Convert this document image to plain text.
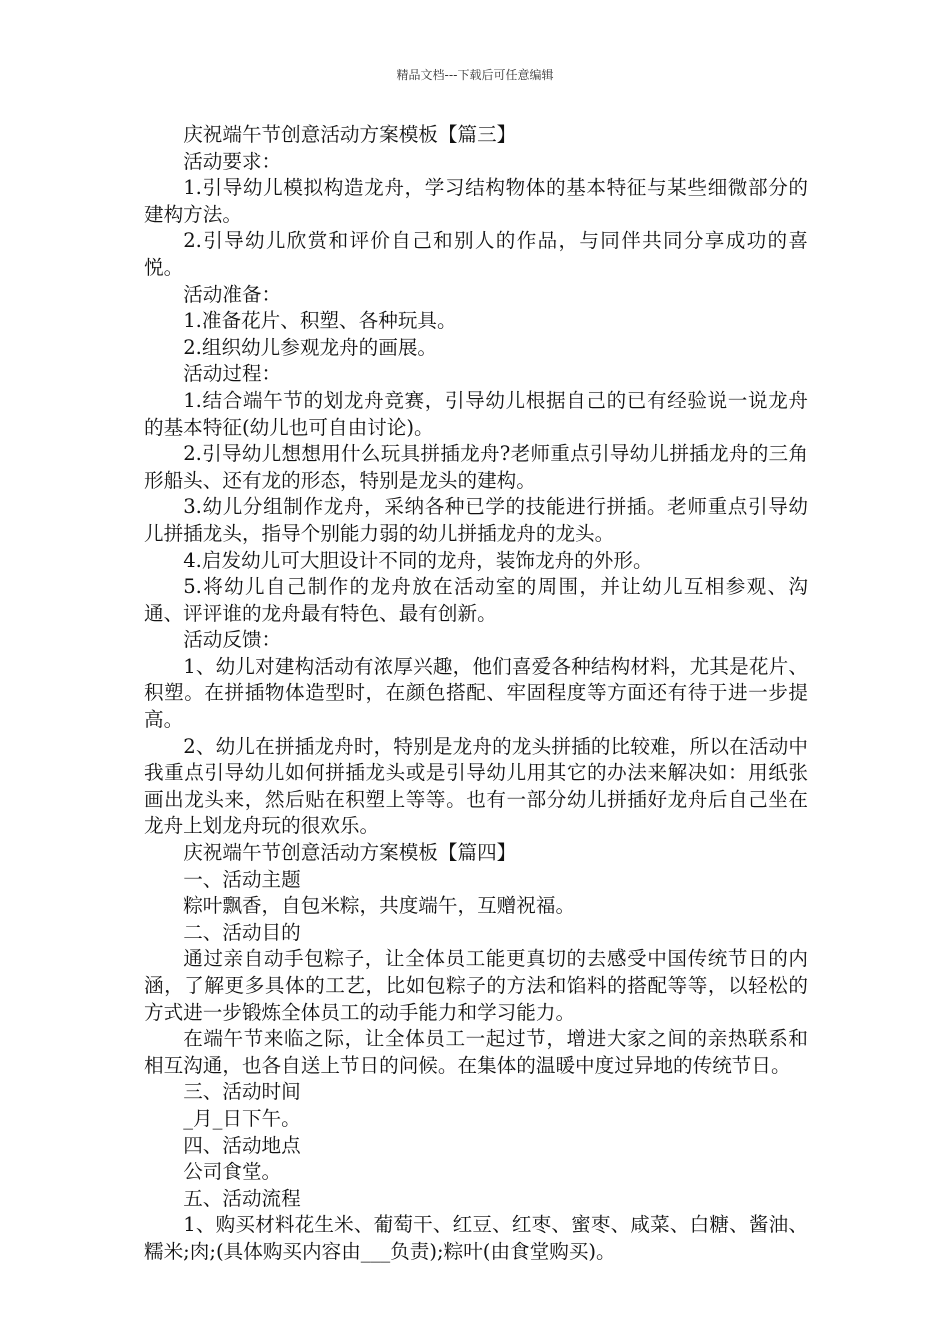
精品文档---下载后可任意编辑

庆祝端午节创意活动方案模板【篇三】

活动要求：

1.引导幼儿模拟构造龙舟，学习结构物体的基本特征与某些细微部分的建构方法。

2.引导幼儿欣赏和评价自己和别人的作品，与同伴共同分享成功的喜悦。

活动准备：

1.准备花片、积塑、各种玩具。

2.组织幼儿参观龙舟的画展。

活动过程：

1.结合端午节的划龙舟竞赛，引导幼儿根据自己的已有经验说一说龙舟的基本特征(幼儿也可自由讨论)。

2.引导幼儿想想用什么玩具拼插龙舟?老师重点引导幼儿拼插龙舟的三角形船头、还有龙的形态，特别是龙头的建构。

3.幼儿分组制作龙舟，采纳各种已学的技能进行拼插。老师重点引导幼儿拼插龙头，指导个别能力弱的幼儿拼插龙舟的龙头。

4.启发幼儿可大胆设计不同的龙舟，装饰龙舟的外形。

5.将幼儿自己制作的龙舟放在活动室的周围，并让幼儿互相参观、沟通、评评谁的龙舟最有特色、最有创新。

活动反馈：

1、幼儿对建构活动有浓厚兴趣，他们喜爱各种结构材料，尤其是花片、积塑。在拼插物体造型时，在颜色搭配、牢固程度等方面还有待于进一步提高。

2、幼儿在拼插龙舟时，特别是龙舟的龙头拼插的比较难，所以在活动中我重点引导幼儿如何拼插龙头或是引导幼儿用其它的办法来解决如：用纸张画出龙头来，然后贴在积塑上等等。也有一部分幼儿拼插好龙舟后自己坐在龙舟上划龙舟玩的很欢乐。

庆祝端午节创意活动方案模板【篇四】

一、活动主题

粽叶飘香，自包米粽，共度端午，互赠祝福。

二、活动目的

通过亲自动手包粽子，让全体员工能更真切的去感受中国传统节日的内涵，了解更多具体的工艺，比如包粽子的方法和馅料的搭配等等，以轻松的方式进一步锻炼全体员工的动手能力和学习能力。

在端午节来临之际，让全体员工一起过节，增进大家之间的亲热联系和相互沟通，也各自送上节日的问候。在集体的温暖中度过异地的传统节日。

三、活动时间

_月_日下午。

四、活动地点

公司食堂。

五、活动流程

1、购买材料花生米、葡萄干、红豆、红枣、蜜枣、咸菜、白糖、酱油、糯米;肉;(具体购买内容由___负责);粽叶(由食堂购买)。
